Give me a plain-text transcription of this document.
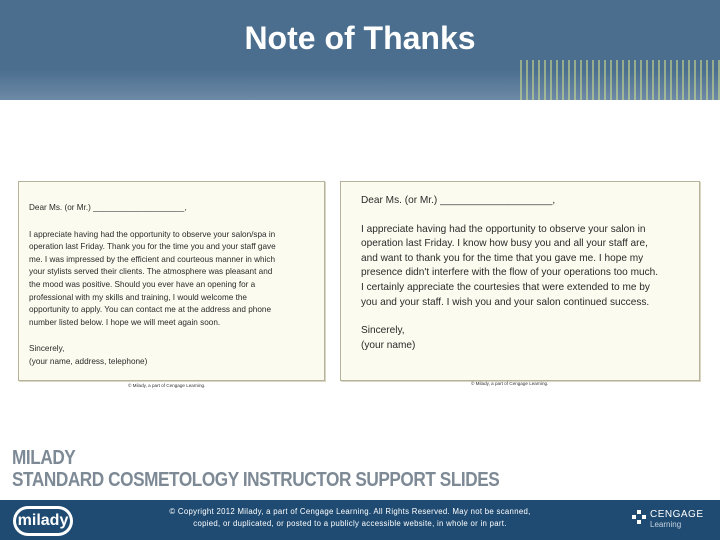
Note of Thanks

Dear Ms. (or Mr.) ____________________,

I appreciate having had the opportunity to observe your salon/spa in

operation last Friday. Thank you for the time you and your staff gave

me. I was impressed by the efficient and courteous manner in which

your stylists served their clients. The atmosphere was pleasant and

the mood was positive. Should you ever have an opening for a

professional with my skills and training, I would welcome the

opportunity to apply. You can contact me at the address and phone

number listed below. I hope we will meet again soon.

Sincerely,

(your name, address, telephone)

© Milady, a part of Cengage Learning.

Dear Ms. (or Mr.) ____________________,

I appreciate having had the opportunity to observe your salon in

operation last Friday. I know how busy you and all your staff are,

and want to thank you for the time that you gave me. I hope my

presence didn't interfere with the flow of your operations too much.

I certainly appreciate the courtesies that were extended to me by

you and your staff. I wish you and your salon continued success.

Sincerely,

(your name)

© Milady, a part of Cengage Learning.
MILADY
STANDARD COSMETOLOGY INSTRUCTOR SUPPORT SLIDES
milady
© Copyright 2012 Milady, a part of Cengage Learning. All Rights Reserved. May not be scanned,
copied, or duplicated, or posted to a publicly accessible website, in whole or in part.
CENGAGE
Learning
